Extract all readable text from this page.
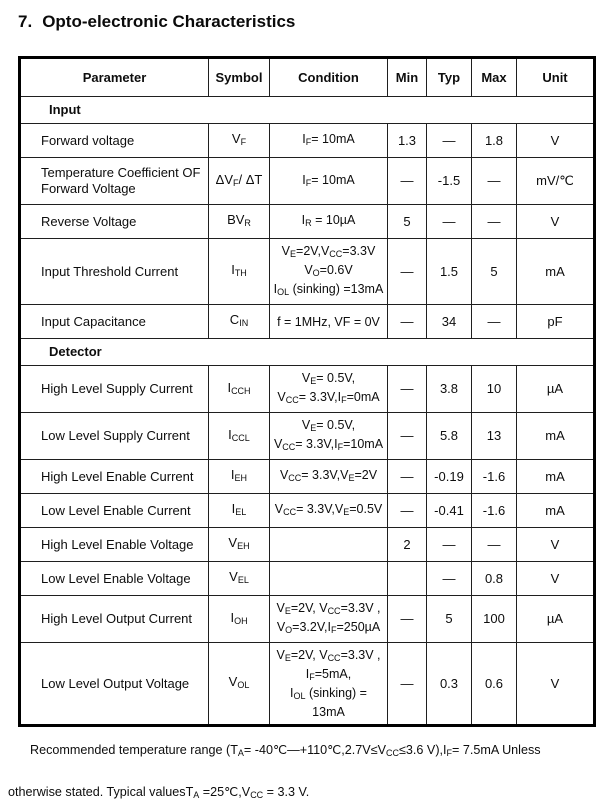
7. Opto-electronic Characteristics
Parameter	Symbol	Condition	Min	Typ	Max	Unit
Input						
Forward voltage	$V_F$	$I_F= 10mA$	1.3	—	1.8	V
Temperature Coefficient OF Forward Voltage	$\Delta V_F/$ ΔT	$I_F= 10mA$	—	-1.5	—	mV/℃
Reverse Voltage	$BV_R$	$I_R = 10\mu A$	5	—	—	V
Input Threshold Current	$I_{TH}$	$V_E=2V,V_{CC}=3.3V$
$V_O=0.6V$
$I_{OL}$ (sinking) =13mA	—	1.5	5	mA
Input Capacitance	$C_{IN}$	f = 1MHz, VF = 0V	—	34	—	pF
Detector						
High Level Supply Current	$I_{CCH}$	$V_E= 0.5V$,
$V_{CC}= 3.3V,I_F=0mA$	—	3.8	10	µA
Low Level Supply Current	$I_{CCL}$	$V_E= 0.5V$,
$V_{CC}= 3.3V,I_F=10mA$	—	5.8	13	mA
High Level Enable Current	$I_{EH}$	$V_{CC}= 3.3V,V_E=2V$	—	-0.19	-1.6	mA
Low Level Enable Current	$I_{EL}$	$V_{CC}= 3.3V,V_E=0.5V$	—	-0.41	-1.6	mA
High Level Enable Voltage	$V_{EH}$		2	—	—	V
Low Level Enable Voltage	$V_{EL}$			—	0.8	V
High Level Output Current	$I_{OH}$	$V_E=2V$, $V_{CC}=3.3V$ ,
$V_O=3.2V,I_F=250\mu A$	—	5	100	µA
Low Level Output Voltage	$V_{OL}$	$V_E=2V$, $V_{CC}=3.3V$ ,
$I_F=5mA$,
$I_{OL}$ (sinking) = 13mA	—	0.3	0.6	V

Recommended temperature range ($T_A=$ $-40℃—+110℃,2.7V\le V_{CC}\le 3.6$ $V),I_F= 7.5mA$ Unless

otherwise stated. Typical valuesT$_A$ $=25℃,V_{CC} = 3.3$ V.
